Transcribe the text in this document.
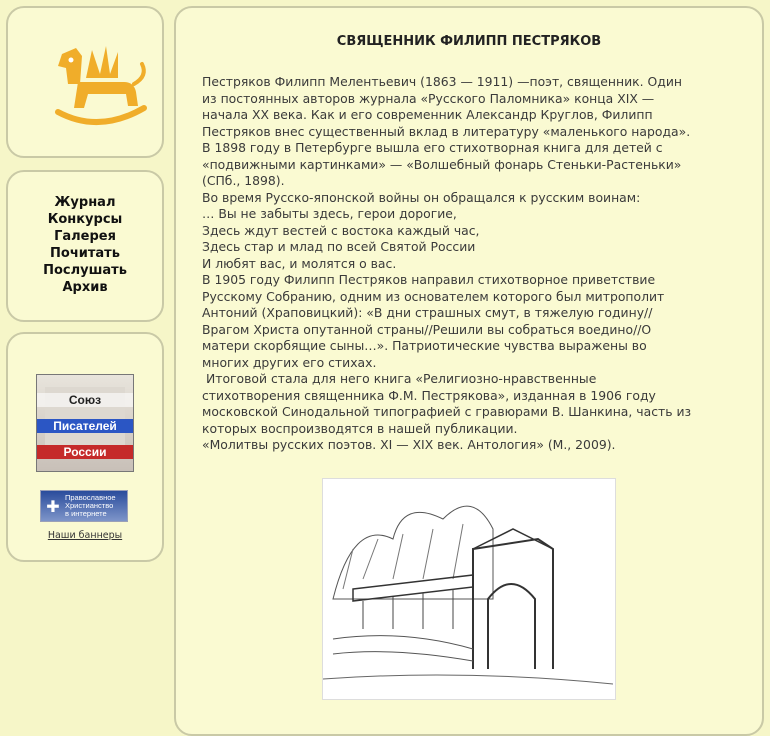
Журнал
Конкурсы
Галерея
Почитать
Послушать
Архив
Союз
Писателей
России
✚ Православное
Христианство
в интернете
Наши баннеры
СВЯЩЕННИК ФИЛИПП ПЕСТРЯКОВ

Пестряков Филипп Мелентьевич (1863 — 1911) —поэт, священник. Один

из постоянных авторов журнала «Русского Паломника» конца XIX —

начала XX века. Как и его современник Александр Круглов, Филипп

Пестряков внес существенный вклад в литературу «маленького народа».

В 1898 году в Петербурге вышла его стихотворная книга для детей с

«подвижными картинками» — «Волшебный фонарь Стеньки-Растеньки»

(СПб., 1898).

Во время Русско-японской войны он обращался к русским воинам:

… Вы не забыты здесь, герои дорогие,

Здесь ждут вестей с востока каждый час,

Здесь стар и млад по всей Святой России

И любят вас, и молятся о вас.

В 1905 году Филипп Пестряков направил стихотворное приветствие

Русскому Собранию, одним из основателем которого был митрополит

Антоний (Храповицкий): «В дни страшных смут, в тяжелую годину//

Врагом Христа опутанной страны//Решили вы собраться воедино//О

матери скорбящие сыны…». Патриотические чувства выражены во

многих других его стихах.

Итоговой стала для него книга «Религиозно-нравственные

стихотворения священника Ф.М. Пестрякова», изданная в 1906 году

московской Синодальной типографией с гравюрами В. Шанкина, часть из

которых воспроизводятся в нашей публикации.

«Молитвы русских поэтов. XI — XIX век. Антология» (М., 2009).
